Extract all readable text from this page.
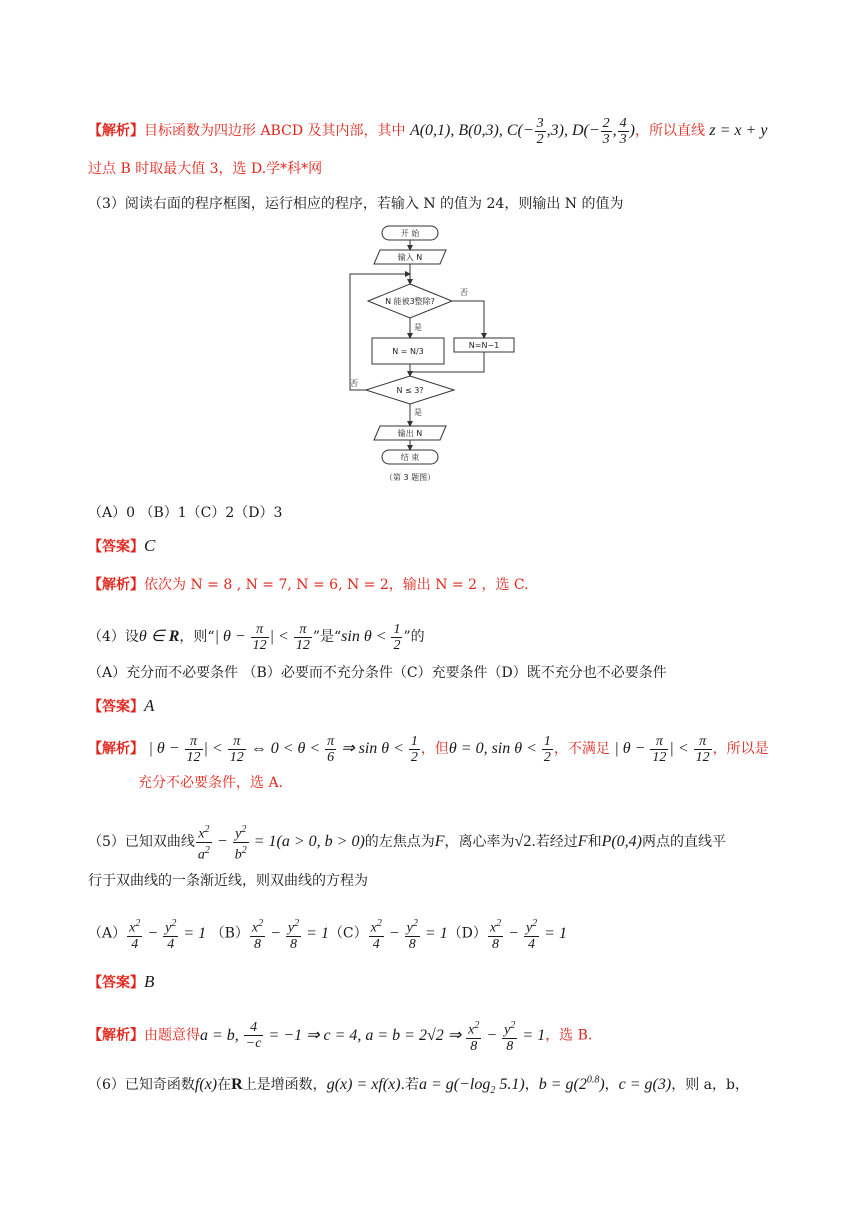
【解析】目标函数为四边形 ABCD 及其内部，其中 A(0,1), B(0,3), $C(- \frac{3}{2} ,3)$, $D(- \frac{2}{3}$ , $\frac{4}{3}$ )，所以直线 z = x + y
过点 B 时取最大值 3，选 D.学*科*网
（3）阅读右面的程序框图，运行相应的程序，若输入 N 的值为 24，则输出 N 的值为
开 始
输入 N
N 能被3整除?
否
是
N = N/3
N=N−1
N ≤ 3?
否
是
输出 N
结 束
（第 3 题图）
（A）0 （B）1（C）2（D）3
【答案】C
【解析】依次为 N = 8 , N = 7, N = 6, N = 2，输出 N = 2 ，选 C.
（4）设θ ∈ R，则“| $\theta - \frac{\pi}{12}$ | < $\frac{\pi}{12}$ ”是“sin $\theta < \frac{1}{2}$ ”的
（A）充分而不必要条件 （B）必要而不充分条件（C）充要条件（D）既不充分也不必要条件
【答案】A
【解析】 | $\theta - \frac{\pi}{12}$ | < $\frac{\pi}{12}$ ⇔ $0 < \theta < \frac{\pi}{6}$ ⇒ $\sin \theta < \frac{1}{2}$ ，但θ = 0, $\sin \theta < \frac{1}{2}$ ，不满足 | $\theta - \frac{\pi}{12}$ | < $\frac{\pi}{12}$ ，所以是
充分不必要条件，选 A.
（5）已知双曲线 $\frac{x^2}{a^2} - \frac{y^2}{b^2} = 1(a > 0$, b > 0)的左焦点为F，离心率为√2.若经过F和P(0,4)两点的直线平
行于双曲线的一条渐近线，则双曲线的方程为
$(A) \frac{x^2}{4} - \frac{y^2}{4} = 1$ $(B) \frac{x^2}{8} - \frac{y^2}{8} = 1(C) \frac{x^2}{4} - \frac{y^2}{8} = 1(D) \frac{x^2}{8} - \frac{y^2}{4} = 1$
【答案】B
【解析】由题意得a = b, $\frac{4}{-c} = -1$ ⇒ c = 4, a = b = 2√2 ⇒ $\frac{x^2}{8} - \frac{y^2}{8} = 1$，选 B.
（6）已知奇函数f(x)在R上是增函数，g(x) = xf(x).若$a = g(-\log_2$ 5.1)，$b = g(2^{0.8})$，c = g(3)，则 a，b，
